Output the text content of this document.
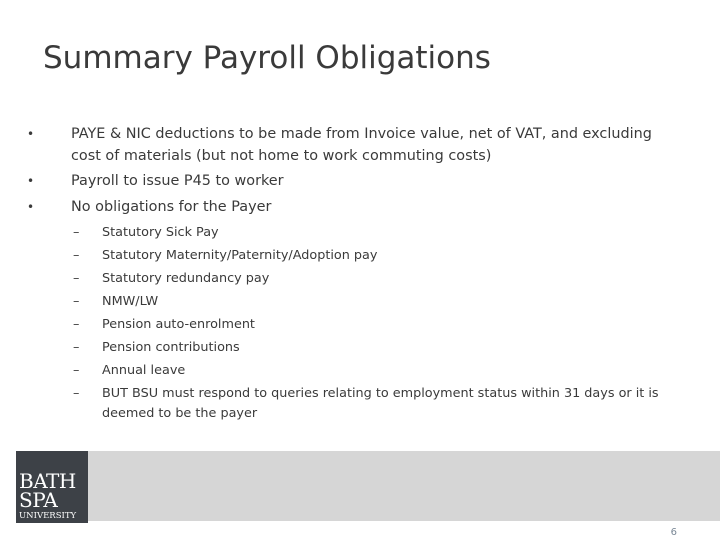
Summary Payroll Obligations
•	PAYE & NIC deductions to be made from Invoice value, net of VAT, and excluding cost of materials (but not home to work commuting costs)
•	Payroll to issue P45 to worker
•	No obligations for the Payer
– Statutory Sick Pay
– Statutory Maternity/Paternity/Adoption pay
– Statutory redundancy pay
– NMW/LW
– Pension auto-enrolment
– Pension contributions
– Annual leave
– BUT BSU must respond to queries relating to employment status within 31 days or it is deemed to be the payer
BATH
SPA
UNIVERSITY
6
